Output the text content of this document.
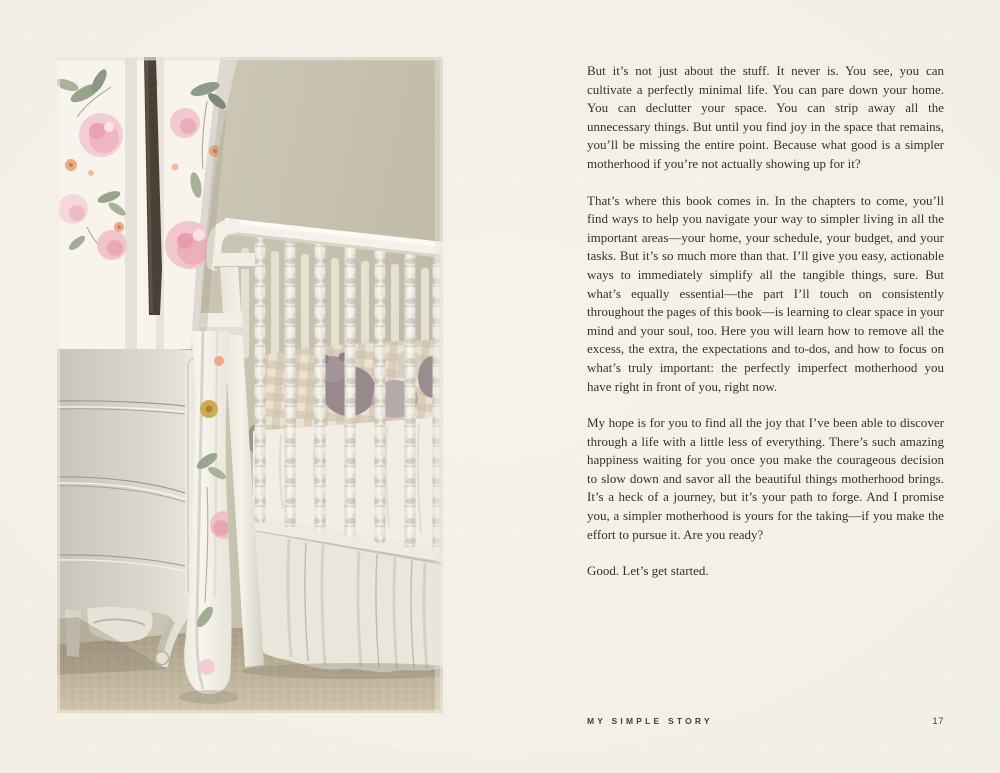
But it’s not just about the stuff. It never is. You see, you can cultivate a perfectly minimal life. You can pare down your home. You can declutter your space. You can strip away all the unnecessary things. But until you find joy in the space that remains, you’ll be missing the entire point. Because what good is a simpler motherhood if you’re not actually showing up for it?

That’s where this book comes in. In the chapters to come, you’ll find ways to help you navigate your way to simpler living in all the important areas—your home, your schedule, your budget, and your tasks. But it’s so much more than that. I’ll give you easy, actionable ways to immediately simplify all the tangible things, sure. But what’s equally essential—the part I’ll touch on consistently throughout the pages of this book—is learning to clear space in your mind and your soul, too. Here you will learn how to remove all the excess, the extra, the expectations and to-dos, and how to focus on what’s truly important: the perfectly imperfect motherhood you have right in front of you, right now.

My hope is for you to find all the joy that I’ve been able to discover through a life with a little less of everything. There’s such amazing happiness waiting for you once you make the courageous decision to slow down and savor all the beautiful things motherhood brings. It’s a heck of a journey, but it’s your path to forge. And I promise you, a simpler motherhood is yours for the taking—if you make the effort to pursue it. Are you ready?

Good. Let’s get started.

MY SIMPLE STORY	17
